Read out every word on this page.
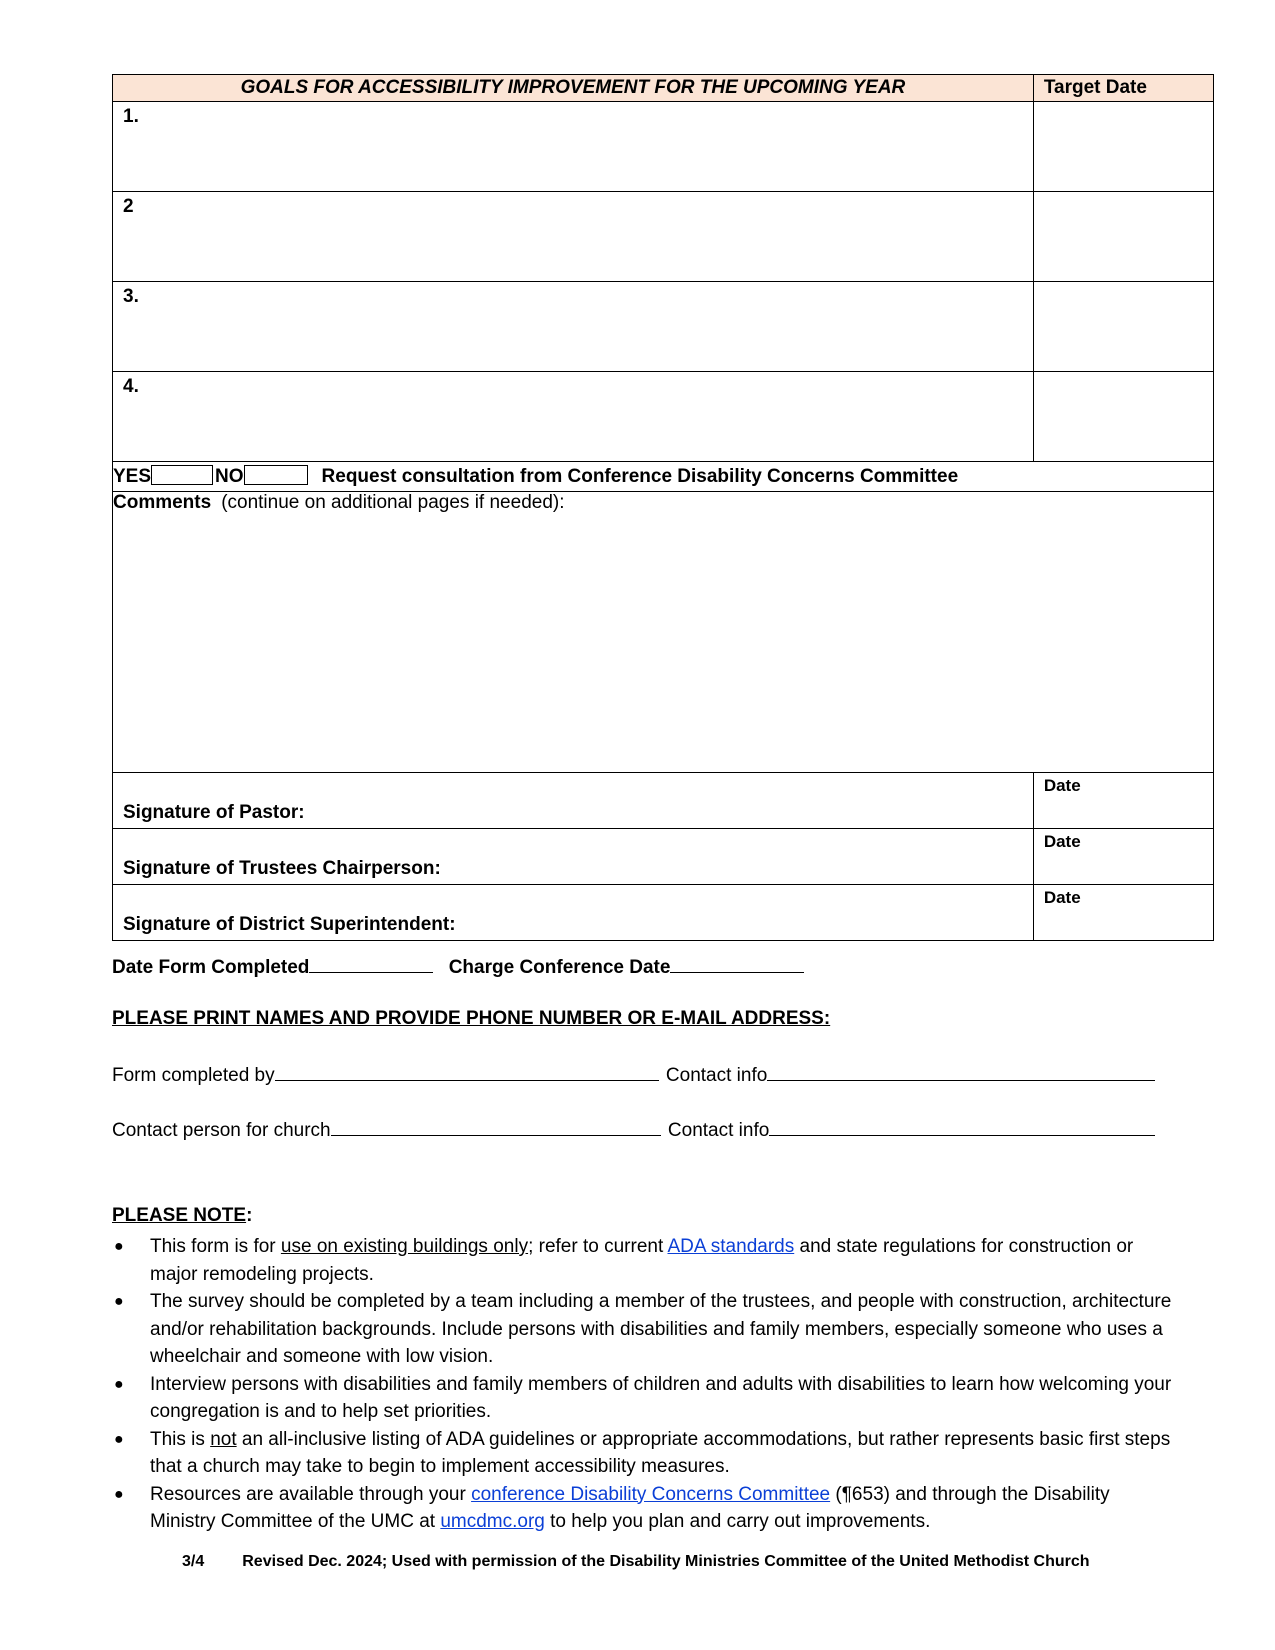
GOALS FOR ACCESSIBILITY IMPROVEMENT FOR THE UPCOMING YEAR	Target Date

1.	

2	

3.	

4.	

YES NO Request consultation from Conference Disability Concerns Committee	
Comments (continue on additional pages if needed):	

Signature of Pastor:	Date

Signature of Trustees Chairperson:	Date

Signature of District Superintendent:	Date
Date Form Completed	Charge Conference Date
PLEASE PRINT NAMES AND PROVIDE PHONE NUMBER OR E-MAIL ADDRESS:
Form completed by	Contact info
Contact person for church	Contact info
PLEASE NOTE:
● This form is for use on existing buildings only; refer to current ADA standards and state regulations for construction or major remodeling projects.
● The survey should be completed by a team including a member of the trustees, and people with construction, architecture and/or rehabilitation backgrounds. Include persons with disabilities and family members, especially someone who uses a wheelchair and someone with low vision.
● Interview persons with disabilities and family members of children and adults with disabilities to learn how welcoming your congregation is and to help set priorities.
● This is not an all-inclusive listing of ADA guidelines or appropriate accommodations, but rather represents basic first steps that a church may take to begin to implement accessibility measures.
● Resources are available through your conference Disability Concerns Committee (¶653) and through the Disability Ministry Committee of the UMC at umcdmc.org to help you plan and carry out improvements.
3/4 Revised Dec. 2024; Used with permission of the Disability Ministries Committee of the United Methodist Church
